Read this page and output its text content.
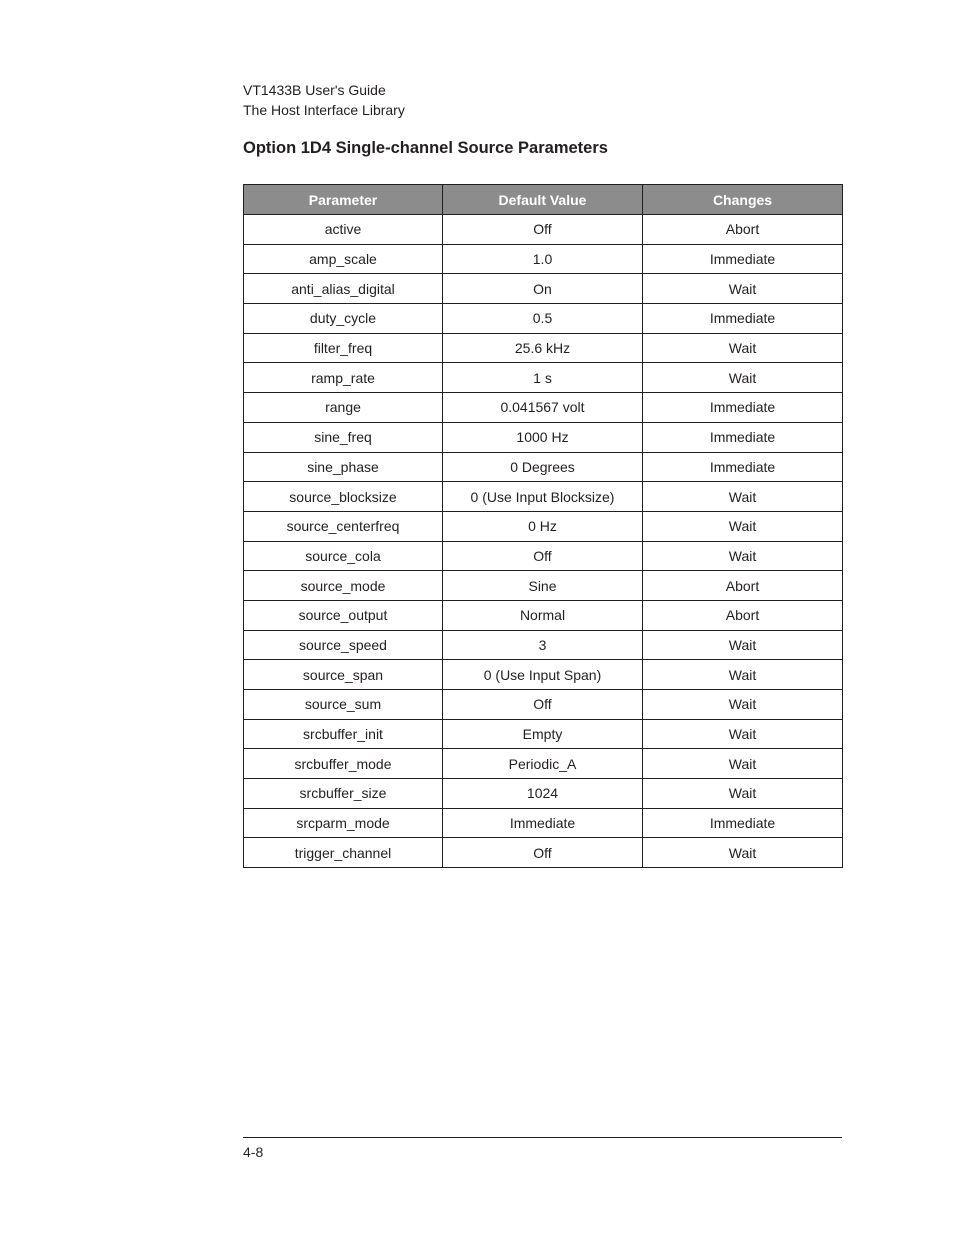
VT1433B User's Guide
The Host Interface Library
Option 1D4 Single-channel Source Parameters
Parameter	Default Value	Changes
active	Off	Abort
amp_scale	1.0	Immediate
anti_alias_digital	On	Wait
duty_cycle	0.5	Immediate
filter_freq	25.6 kHz	Wait
ramp_rate	1 s	Wait
range	0.041567 volt	Immediate
sine_freq	1000 Hz	Immediate
sine_phase	0 Degrees	Immediate
source_blocksize	0 (Use Input Blocksize)	Wait
source_centerfreq	0 Hz	Wait
source_cola	Off	Wait
source_mode	Sine	Abort
source_output	Normal	Abort
source_speed	3	Wait
source_span	0 (Use Input Span)	Wait
source_sum	Off	Wait
srcbuffer_init	Empty	Wait
srcbuffer_mode	Periodic_A	Wait
srcbuffer_size	1024	Wait
srcparm_mode	Immediate	Immediate
trigger_channel	Off	Wait
4-8
